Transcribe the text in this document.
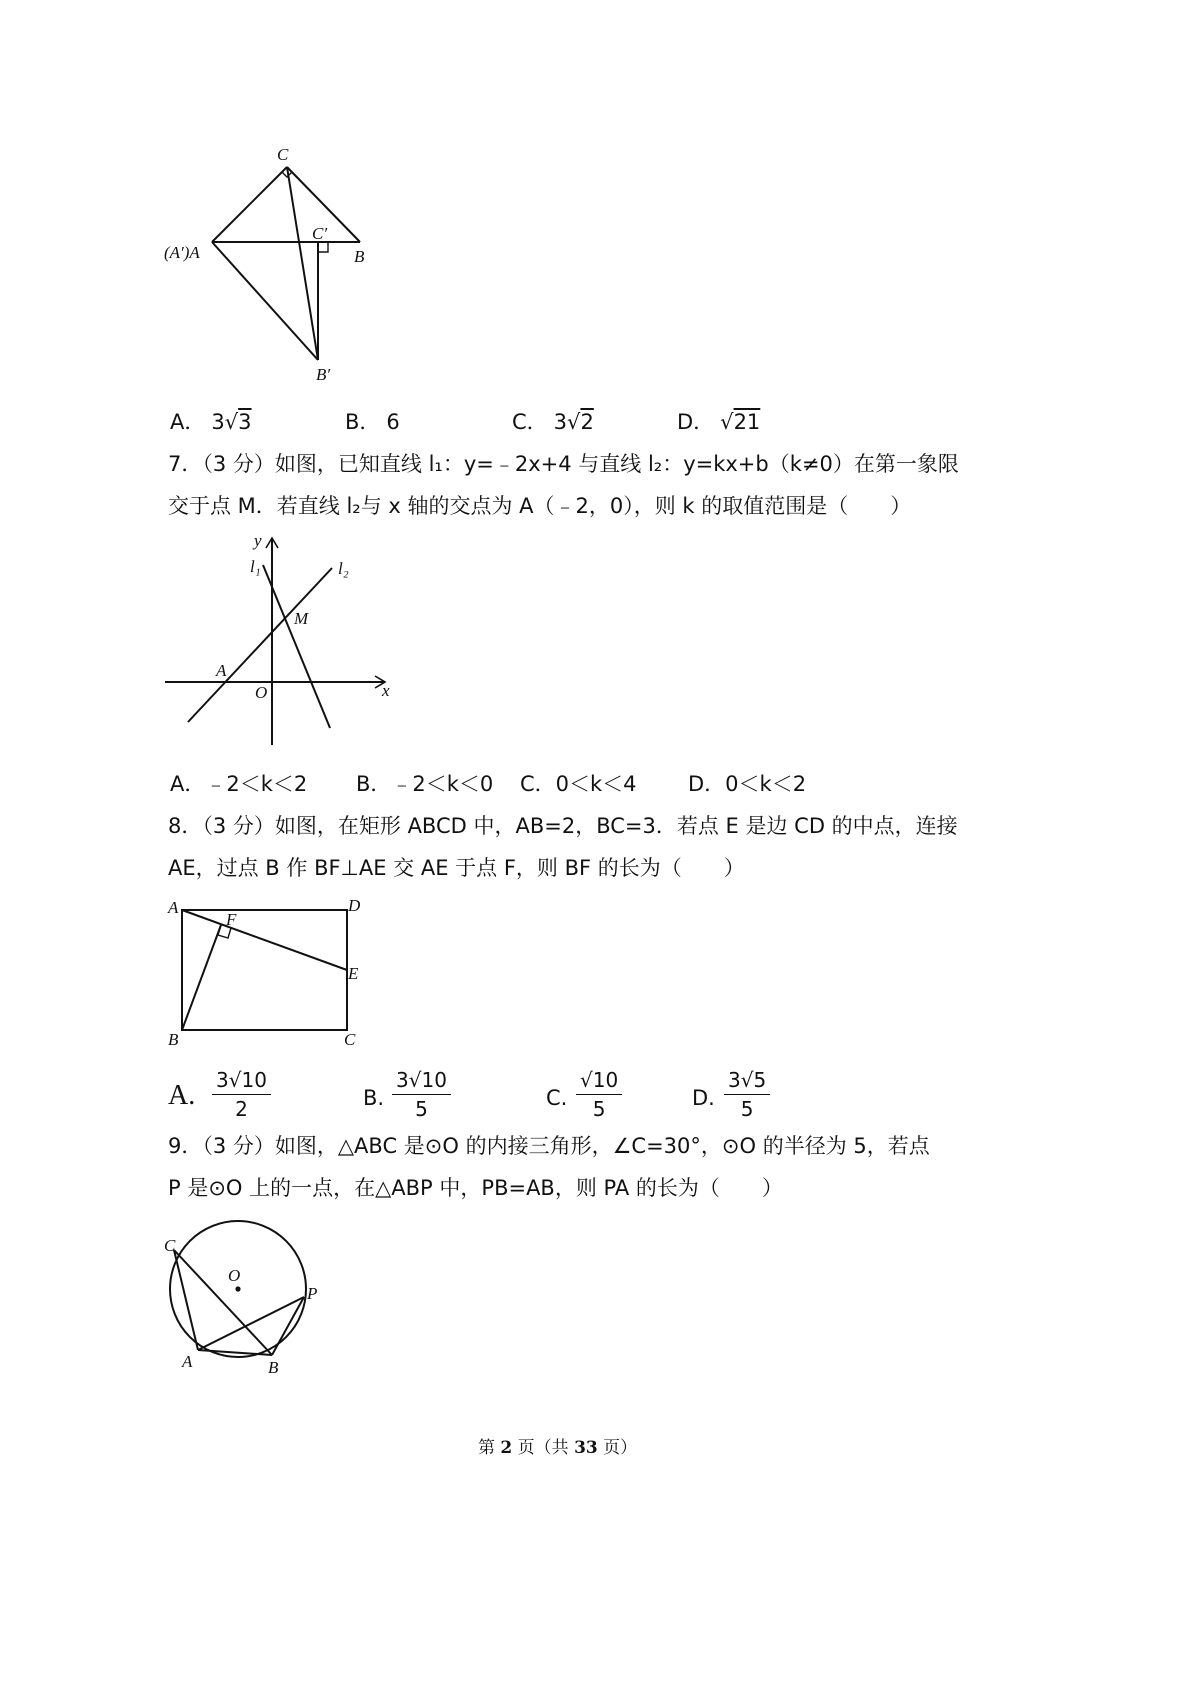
C
(A′)A
C′
B
B′
A． 3√3	B． 6	C． 3√2	D． √21
7．（3 分）如图，已知直线 l₁：y=﹣2x+4 与直线 l₂：y=kx+b（k≠0）在第一象限
交于点 M．若直线 l₂与 x 轴的交点为 A（﹣2，0），则 k 的取值范围是（　　）
y
x
l₁	l₂
M
A
O
A．﹣2＜k＜2 B．﹣2＜k＜0 C．0＜k＜4 D．0＜k＜2
8．（3 分）如图，在矩形 ABCD 中，AB=2，BC=3．若点 E 是边 CD 的中点，连接
AE，过点 B 作 BF⊥AE 交 AE 于点 F，则 BF 的长为（　　）
A
F
D
E
B	C
A. $\frac{3√10}{2}$	B. $\frac{3√10}{5}$	C. $\frac{√10}{5}$	D. $\frac{3√5}{5}$
9．（3 分）如图，△ABC 是⊙O 的内接三角形，∠C=30°，⊙O 的半径为 5，若点
P 是⊙O 上的一点，在△ABP 中，PB=AB，则 PA 的长为（　　）
C
O
P
A	B
第 2 页（共 33 页）
